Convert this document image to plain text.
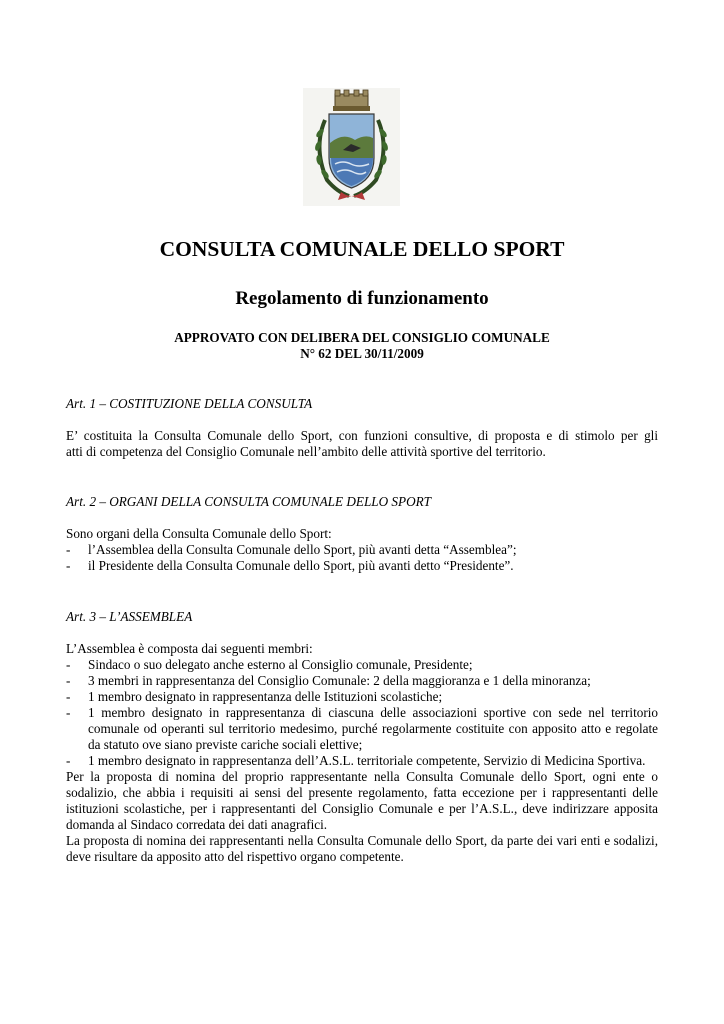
CONSULTA COMUNALE DELLO SPORT
Regolamento di funzionamento
APPROVATO CON DELIBERA DEL CONSIGLIO COMUNALE
N° 62 DEL 30/11/2009
Art. 1 – COSTITUZIONE DELLA CONSULTA

E’ costituita la Consulta Comunale dello Sport, con funzioni consultive, di proposta e di stimolo per gli

atti di competenza del Consiglio Comunale nell’ambito delle attività sportive del territorio.

Art. 2 – ORGANI DELLA CONSULTA COMUNALE DELLO SPORT

Sono organi della Consulta Comunale dello Sport:

- l’Assemblea della Consulta Comunale dello Sport, più avanti detta “Assemblea”;
- il Presidente della Consulta Comunale dello Sport, più avanti detto “Presidente”.
Art. 3 – L’ASSEMBLEA

L’Assemblea è composta dai seguenti membri:

- Sindaco o suo delegato anche esterno al Consiglio comunale, Presidente;
- 3 membri in rappresentanza del Consiglio Comunale: 2 della maggioranza e 1 della minoranza;
- 1 membro designato in rappresentanza delle Istituzioni scolastiche;
- 1 membro designato in rappresentanza di ciascuna delle associazioni sportive con sede nel territorio comunale od operanti sul territorio medesimo, purché regolarmente costituite con apposito atto e regolate da statuto ove siano previste cariche sociali elettive;
- 1 membro designato in rappresentanza dell’A.S.L. territoriale competente, Servizio di Medicina Sportiva.

Per la proposta di nomina del proprio rappresentante nella Consulta Comunale dello Sport, ogni ente o sodalizio, che abbia i requisiti ai sensi del presente regolamento, fatta eccezione per i rappresentanti delle istituzioni scolastiche, per i rappresentanti del Consiglio Comunale e per l’A.S.L., deve indirizzare apposita domanda al Sindaco corredata dei dati anagrafici.

La proposta di nomina dei rappresentanti nella Consulta Comunale dello Sport, da parte dei vari enti e sodalizi, deve risultare da apposito atto del rispettivo organo competente.
